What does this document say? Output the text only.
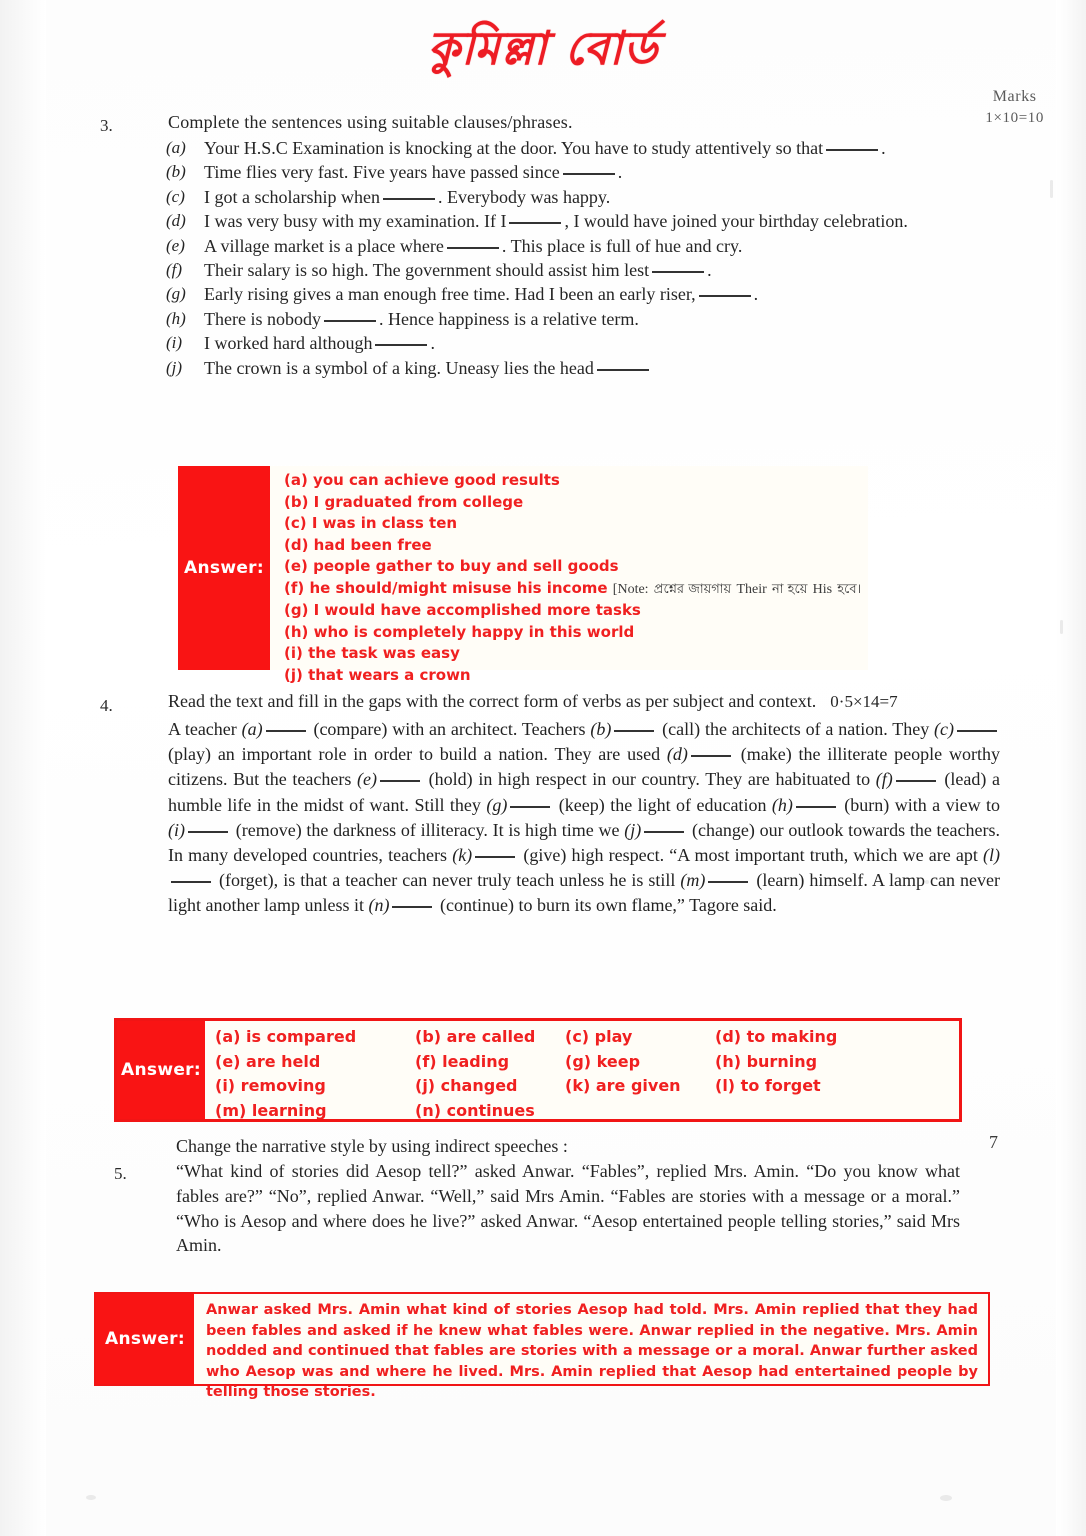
কুমিল্লা বোর্ড
Marks
1×10=10
3.	Complete the sentences using suitable clauses/phrases.
(a) Your H.S.C Examination is knocking at the door. You have to study attentively so that	.
(b) Time flies very fast. Five years have passed since	.
(c) I got a scholarship when	. Everybody was happy.
(d) I was very busy with my examination. If I	, I would have joined your birthday celebration.
(e) A village market is a place where	. This place is full of hue and cry.
(f) Their salary is so high. The government should assist him lest	.
(g) Early rising gives a man enough free time. Had I been an early riser,	.
(h) There is nobody	. Hence happiness is a relative term.
(i) I worked hard although	.
(j) The crown is a symbol of a king. Uneasy lies the head
Answer:
(a) you can achieve good results
(b) I graduated from college
(c) I was in class ten
(d) had been free
(e) people gather to buy and sell goods
(f) he should/might misuse his income [Note: প্রশ্নের জায়গায় Their না হয়ে His হবে।
(g) I would have accomplished more tasks
(h) who is completely happy in this world
(i) the task was easy
(j) that wears a crown
4.	Read the text and fill in the gaps with the correct form of verbs as per subject and context. 0·5×14=7
A teacher (a)	(compare) with an architect. Teachers (b)	(call) the architects of a nation. They (c) (play) an important role in order to build a nation. They are used (d)	(make) the illiterate people worthy citizens. But the teachers (e)	(hold) in high respect in our country. They are habituated to (f)	(lead) a humble life in the midst of want. Still they (g)	(keep) the light of education (h)	(burn) with a view to (i)	(remove) the darkness of illiteracy. It is high time we (j)	(change) our outlook towards the teachers. In many developed countries, teachers (k)	(give) high respect. “A most important truth, which we are apt (l) (forget), is that a teacher can never truly teach unless he is still (m)	(learn) himself. A lamp can never light another lamp unless it (n)	(continue) to burn its own flame,” Tagore said.
Answer:
(a) is compared	(b) are called	(c) play	(d) to making
(e) are held	(f) leading	(g) keep	(h) burning
(i) removing	(j) changed	(k) are given	(l) to forget
(m) learning	(n) continues
5.
Change the narrative style by using indirect speeches :
“What kind of stories did Aesop tell?” asked Anwar. “Fables”, replied Mrs. Amin. “Do you know what fables are?” “No”, replied Anwar. “Well,” said Mrs Amin. “Fables are stories with a message or a moral.” “Who is Aesop and where does he live?” asked Anwar. “Aesop entertained people telling stories,” said Mrs Amin.
7
Answer:
Anwar asked Mrs. Amin what kind of stories Aesop had told. Mrs. Amin replied that they had been fables and asked if he knew what fables were. Anwar replied in the negative. Mrs. Amin nodded and continued that fables are stories with a message or a moral. Anwar further asked who Aesop was and where he lived. Mrs. Amin replied that Aesop had entertained people by telling those stories.
